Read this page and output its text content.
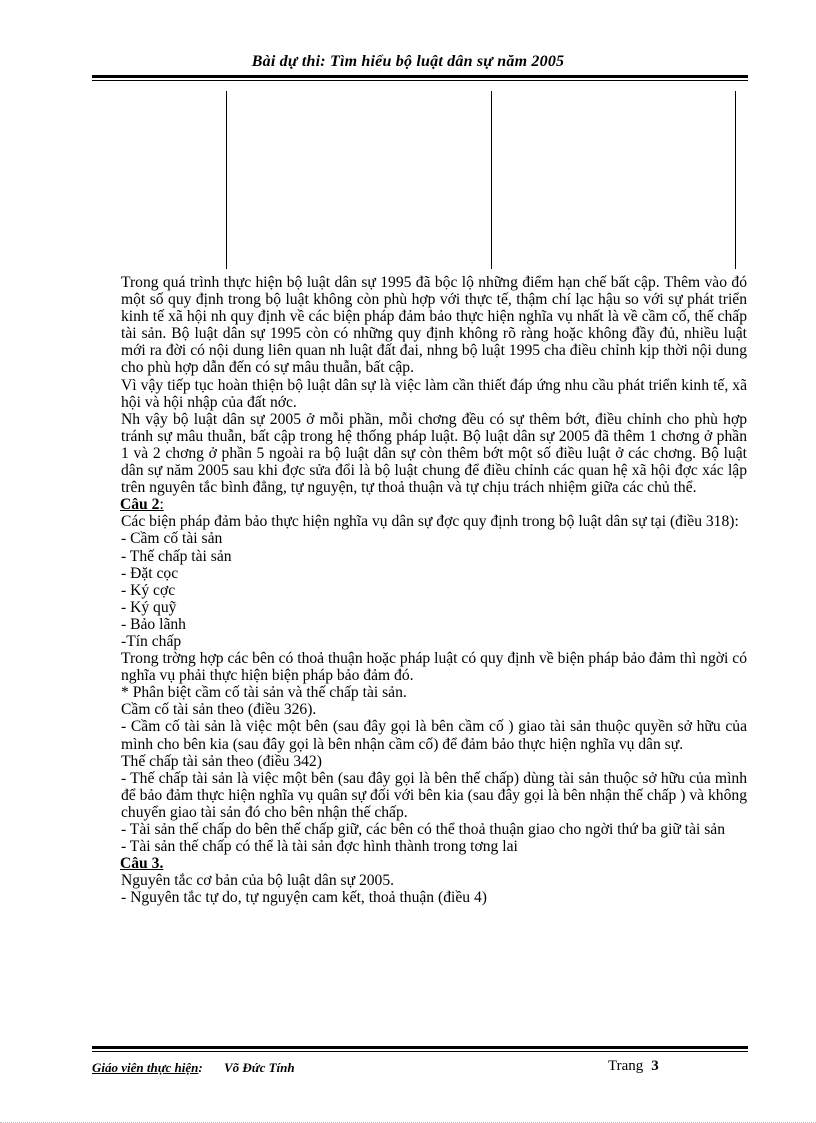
Bài dự thi: Tìm hiểu bộ luật dân sự năm 2005

Trong quá trình thực hiện bộ luật dân sự 1995 đã bộc lộ những điểm hạn chế bất cập. Thêm vào đó một số quy định trong bộ luật không còn phù hợp với thực tế, thậm chí lạc hậu so với sự phát triển kinh tế xã hội nh quy định về các biện pháp đảm bảo thực hiện nghĩa vụ nhất là về cầm cố, thế chấp tài sản. Bộ luật dân sự 1995 còn có những quy định không rõ ràng hoặc không đầy đủ, nhiều luật mới ra đời có nội dung liên quan nh luật đất đai, nhng bộ luật 1995 cha điều chỉnh kịp thời nội dung cho phù hợp dẫn đến có sự mâu thuẫn, bất cập.

Vì vậy tiếp tục hoàn thiện bộ luật dân sự là việc làm cần thiết đáp ứng nhu cầu phát triển kinh tế, xã hội và hội nhập của đất nớc.

Nh vậy bộ luật dân sự 2005 ở mỗi phần, mỗi chơng đều có sự thêm bớt, điều chỉnh cho phù hợp tránh sự mâu thuẫn, bất cập trong hệ thống pháp luật. Bộ luật dân sự 2005 đã thêm 1 chơng ở phần 1 và 2 chơng ở phần 5 ngoài ra bộ luật dân sự còn thêm bớt một số điều luật ở các chơng. Bộ luật dân sự năm 2005 sau khi đợc sửa đổi là bộ luật chung để điều chỉnh các quan hệ xã hội đợc xác lập trên nguyên tắc bình đẳng, tự nguyện, tự thoả thuận và tự chịu trách nhiệm giữa các chủ thể.

Câu 2:

Các biện pháp đảm bảo thực hiện nghĩa vụ dân sự đợc quy định trong bộ luật dân sự tại (điều 318):

- Cầm cố tài sản

- Thế chấp tài sản

- Đặt cọc

- Ký cợc

- Ký quỹ

- Bảo lãnh

-Tín chấp

Trong trờng hợp các bên có thoả thuận hoặc pháp luật có quy định về biện pháp bảo đảm thì ngời có nghĩa vụ phải thực hiện biện pháp bảo đảm đó.

* Phân biệt cầm cố tài sản và thế chấp tài sản.

Cầm cố tài sản theo (điều 326).

- Cầm cố tài sản là việc một bên (sau đây gọi là bên cầm cố ) giao tài sản thuộc quyền sở hữu của mình cho bên kia (sau đây gọi là bên nhận cầm cố) để đảm bảo thực hiện nghĩa vụ dân sự.

Thế chấp tài sản theo (điều 342)

- Thế chấp tài sản là việc một bên (sau đây gọi là bên thế chấp) dùng tài sản thuộc sở hữu của mình để bảo đảm thực hiện nghĩa vụ quân sự đối với bên kia (sau đây gọi là bên nhận thế chấp ) và không chuyển giao tài sản đó cho bên nhận thế chấp.

- Tài sản thế chấp do bên thế chấp giữ, các bên có thể thoả thuận giao cho ngời thứ ba giữ tài sản

- Tài sản thế chấp có thể là tài sản đợc hình thành trong tơng lai

Câu 3.

Nguyên tắc cơ bản của bộ luật dân sự 2005.

- Nguyên tắc tự do, tự nguyện cam kết, thoả thuận (điều 4)

Giáo viên thực hiện: Võ Đức Tính	Trang 3
